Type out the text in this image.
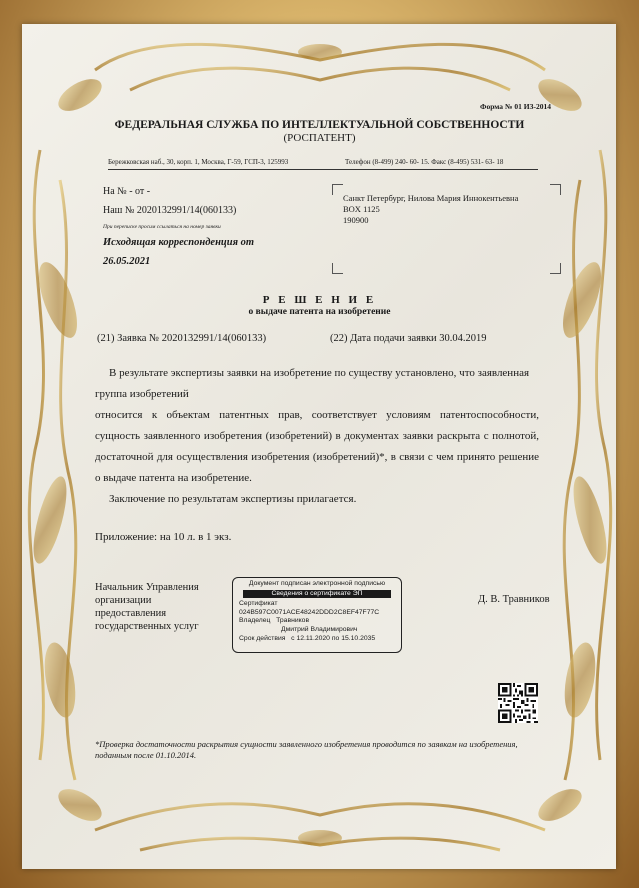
Форма № 01 ИЗ-2014
ФЕДЕРАЛЬНАЯ СЛУЖБА ПО ИНТЕЛЛЕКТУАЛЬНОЙ СОБСТВЕННОСТИ
(РОСПАТЕНТ)
Бережковская наб., 30, корп. 1, Москва, Г-59, ГСП-3, 125993	Телефон (8-499) 240- 60- 15. Факс (8-495) 531- 63- 18
На № - от -
Наш № 2020132991/14(060133)
При переписке просим ссылаться на номер заявки
Исходящая корреспонденция от
26.05.2021
Санкт Петербург, Нилова Мария Иннокентьевна
BOX 1125
190900
Р Е Ш Е Н И Е
о выдаче патента на изобретение
(21) Заявка № 2020132991/14(060133)	(22) Дата подачи заявки 30.04.2019

В результате экспертизы заявки на изобретение по существу установлено, что заявленная группа изобретений

относится к объектам патентных прав, соответствует условиям патентоспособности, сущность заявленного изобретения (изобретений) в документах заявки раскрыта с полнотой, достаточной для осуществления изобретения (изобретений)*, в связи с чем принято решение о выдаче патента на изобретение.

Заключение по результатам экспертизы прилагается.

Приложение: на 10 л. в 1 экз.
Начальник Управления
организации
предоставления
государственных услуг
Документ подписан электронной подписью
Сведения о сертификате ЭП
Сертификат
024B597C0071ACE48242DDD2C8EF47F77C
Владелец Травников
Дмитрий Владимирович
Срок действия с 12.11.2020 по 15.10.2035
Д. В. Травников
*Проверка достаточности раскрытия сущности заявленного изобретения проводится по заявкам на изобретения, поданным после 01.10.2014.
